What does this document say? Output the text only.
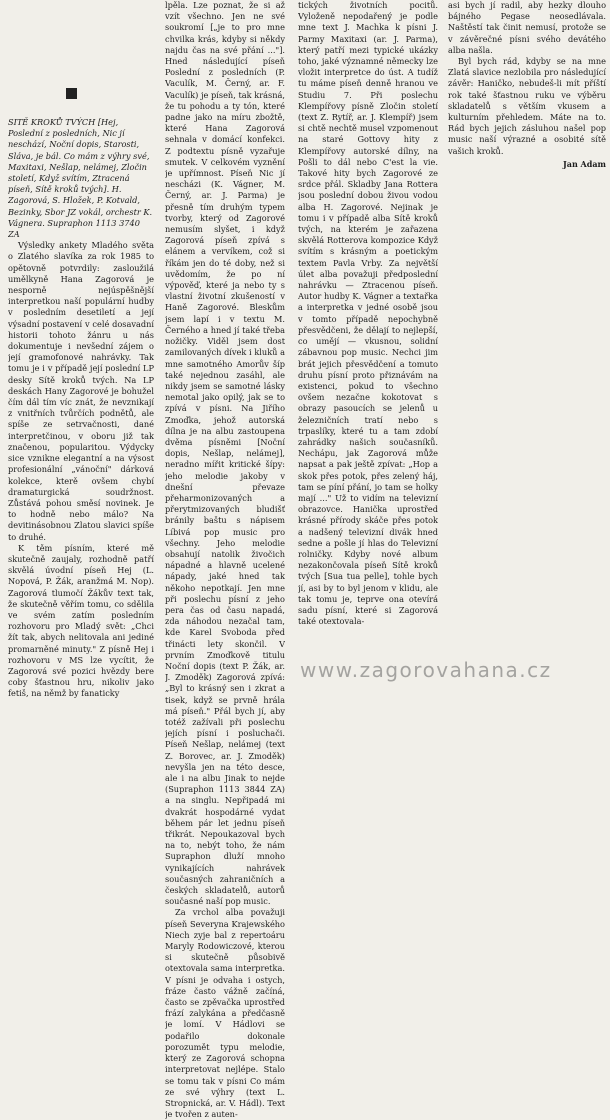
SITĚ KROKŮ TVÝCH [Hej, Poslední z posledních, Nic jí neschází, Noční dopis, Starosti, Sláva, je bál. Co mám z výhry své, Maxitaxi, Nešlap, nelámej, Zločin století, Když svítím, Ztracená píseň, Sítě kroků tvých]. H. Zagorová, S. Hložek, P. Kotvald, Bezinky, Sbor JZ vokál, orchestr K. Vágnera. Supraphon 1113 3740 ZA

Výsledky ankety Mladého světa o Zlatého slavíka za rok 1985 to opětovně potvrdily: zasloužilá umělkyně Hana Zagorová je nesporně nejúspěšnější interpretkou naší populární hudby v posledním desetiletí a její výsadní postavení v celé dosavadní historii tohoto žánru u nás dokumentuje i nevšední zájem o její gramofonové nahrávky. Tak tomu je i v případě její poslední LP desky Sítě kroků tvých. Na LP deskách Hany Zagorové je bohužel čím dál tím víc znát, že nevznikají z vnitřních tvůrčích podnětů, ale spíše ze setrvačnosti, dané interpretčinou, v oboru již tak značenou, popularitou. Výdycky sice vznikne elegantní a na výsost profesionální „vánoční" dárková kolekce, kterě ovšem chybí dramaturgická soudržnost. Zůstává pohou směsí novinek. Je to hodně nebo málo? Na devitinásobnou Zlatou slavici spíše to druhé.

K těm písním, které mě skutečně zaujaly, rozhodně patří skvělá úvodní píseň Hej (L. Nopová, P. Žák, aranžmá M. Nop). Zagorová tlumočí Žákův text tak, že skutečně věřím tomu, co sdělila ve svém zatím posledním rozhovoru pro Mladý svět: „Chci žít tak, abych nelitovala ani jediné promarněné minuty." Z písně Hej i rozhovoru v MS lze vycítit, že Zagorová své pozici hvězdy bere coby šťastnou hru, nikoliv jako fetiš, na němž by fanaticky

lpěla. Lze poznat, že si až vzít všechno. Jen ne své soukromí [„je to pro mne chvilka krás, kdyby si někdy najdu čas na své přání ..."]. Hned následující píseň Poslední z posledních (P. Vaculík, M. Černý, ar. F. Vaculík) je píseň, tak krásná, že tu pohodu a ty tón, které padne jako na míru zbožtě, které Hana Zagorová sehnala v domácí konfekci. Z podtextu písně vyzařuje smutek. V celkovém vyznění je upřímnost. Píseň Nic jí nescházi (K. Vágner, M. Černý, ar. J. Parma) je přesně tím druhým typem tvorby, který od Zagorové nemusím slyšet, i když Zagorová píseň zpívá s elánem a vervíkem, což si říkám jen do té doby, než si uvědomím, že po ní výpověď, které ja nebo ty s vlastní životní zkušeností v Haně Zagorové. Bleskům jsem lapí i v textu M. Černého a hned jí také třeba nožičky. Viděl jsem dost zamilovaných dívek i kluků a mne samotného Amorův šíp také nejednou zasáhl, ale nikdy jsem se samotné lásky nemotal jako opilý, jak se to zpívá v písni. Na Jiřího Zmoďka, jehož autorská dílna je na albu zastoupena dvěma písněmi [Noční dopis, Nešlap, nelámej], neradno mířit kritické šípy: jeho melodie jakoby v dnešní převaze přeharmonizovaných a přerytmizovaných bludišť bránily baštu s nápisem Líbivá pop music pro všechny. Jeho melodie obsahují natolik živočich nápadné a hlavně ucelené nápady, jaké hned tak někoho nepotkají. Jen mne při poslechu písní z jeho pera čas od času napadá, zda náhodou nezačal tam, kde Karel Svoboda před třinácti lety skončil. V prvním Zmoďkově titulu Noční dopis (text P. Žák, ar. J. Zmoděk) Zagorová zpívá: „Byl to krásný sen i zkrat a tisek, když se prvně hrála má píseň." Přál bych jí, aby totéž zažívali při poslechu jejích písní i posluchači. Píseň Nešlap, nelámej (text Z. Borovec, ar. J. Zmoděk) nevyšla jen na této desce, ale i na albu Jinak to nejde (Supraphon 1113 3844 ZA) a na singlu. Nepřipadá mi dvakrát hospodárné vydat během pár let jednu píseň třikrát. Nepoukazoval bych na to, nebýt toho, že nám Supraphon dluží mnoho vynikajících nahrávek současných zahraničních a českých skladatelů, autorů současné naší pop music.

Za vrchol alba považuji píseň Severyna Krajewského Niech zyje bal z repertoáru Maryly Rodowiczové, kterou si skutečně působivě otextovala sama interpretka. V písni je odvaha i ostych, fráze často vážně začíná, často se zpěvačka uprostřed frází zalykána a předčasně je lomí. V Hádlovi se podařilo dokonale porozumět typu melodie, který ze Zagorová schopna interpretovat nejlépe. Stalo se tomu tak v písni Co mám ze své výhry (text L. Stropnická, ar. V. Hádl). Text je tvořen z auten-

tických životních pocitů. Vyloženě nepodařený je podle mne text J. Machka k písni J. Parmy Maxitaxi (ar. J. Parma), který patří mezi typické ukázky toho, jaké významné německy lze vložit interpretce do úst. A tudíž tu máme píseň denně hranou ve Studiu 7. Při poslechu Klempířovy písně Zločin století (text Z. Rytíř, ar. J. Klempíř) jsem si chtě nechtě musel vzpomenout na staré Gottovy hity z Klempířovy autorské dílny, na Pošli to dál nebo C'est la vie. Takové hity bych Zagorové ze srdce přál. Skladby Jana Rottera jsou poslední dobou živou vodou alba H. Zagorové. Nejinak je tomu i v případě alba Sítě kroků tvých, na kterém je zařazena skvělá Rotterova kompozice Když svítím s krásným a poetickým textem Pavla Vrby. Za největší úlet alba považuji předposlední nahrávku — Ztracenou píseň. Autor hudby K. Vágner a textařka a interpretka v jedné osobě jsou v tomto případě nepochybně přesvědčeni, že dělají to nejlepší, co umějí — vkusnou, solidní zábavnou pop music. Nechci jim brát jejich přesvědčení a tomuto druhu písní proto přiznávám na existenci, pokud to všechno ovšem nezačne kokotovat s obrazy pasoucích se jelenů u železničních tratí nebo s trpaslíky, které tu a tam zdobí zahrádky našich současníků. Nechápu, jak Zagorová může napsat a pak ještě zpívat: „Hop a skok přes potok, přes zelený háj, tam se píní přání, jo tam se holky mají ..." Už to vidím na televizní obrazovce. Hanička uprostřed krásné přírody skáče přes potok a nadšený televizní divák hned sedne a pošle jí hlas do Televizní rolničky. Kdyby nové album nezakončovala píseň Sítě kroků tvých [Sua tua pelle], tohle bych jí, asi by to byl jenom v klidu, ale tak tomu je, teprve ona otevírá sadu písní, které si Zagorová také otextovala-

asi bych jí radil, aby hezky dlouho bájného Pegase neosedlávala. Naštěstí tak činit nemusí, protože se v závěrečné písni svého devátého alba našla.

Byl bych rád, kdyby se na mne Zlatá slavice nezlobila pro následující závěr: Haničko, nebudeš-li mít příští rok také šťastnou ruku ve výběru skladatelů s větším vkusem a kulturním přehledem. Máte na to. Rád bych jejich zásluhou našel pop music naší výrazné a osobité sítě vašich kroků.

Jan Adam
www.zagorovahana.cz
